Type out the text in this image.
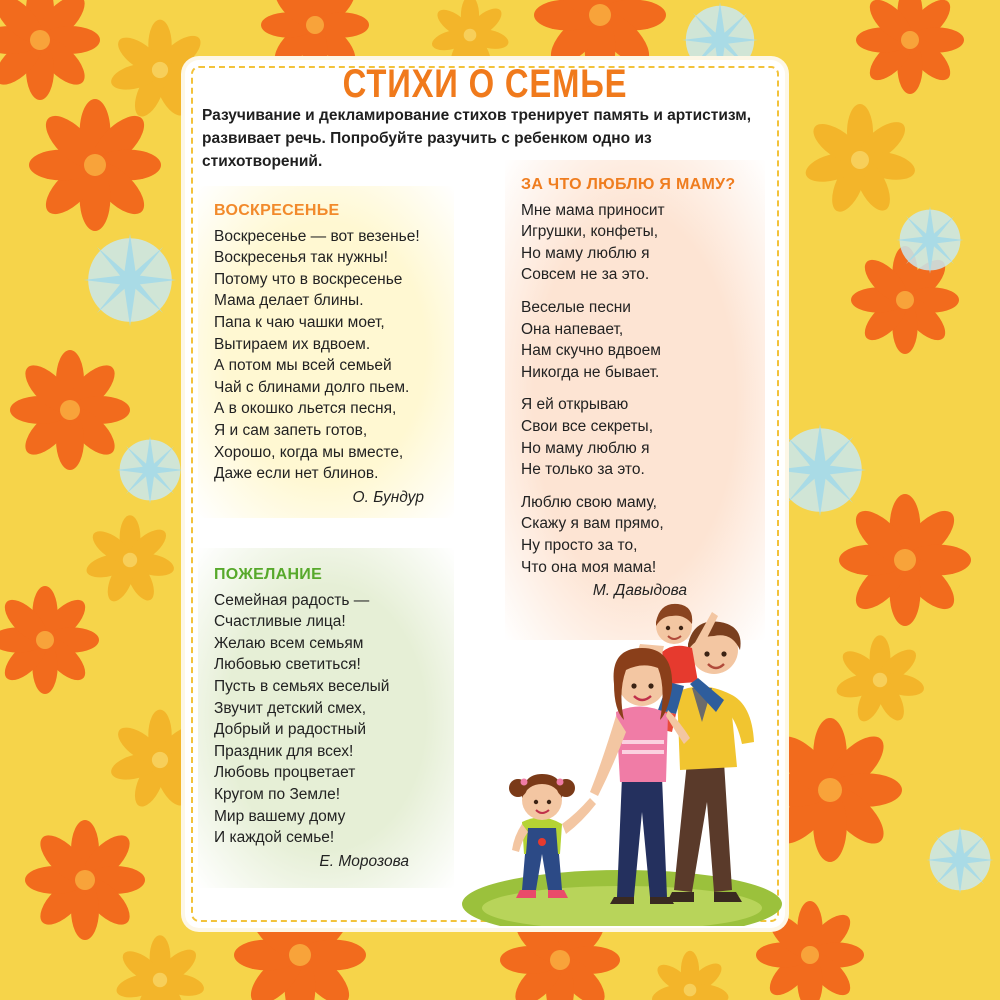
СТИХИ О СЕМЬЕ

Разучивание и декламирование стихов тренирует память и артистизм, развивает речь. Попробуйте разучить с ребенком одно из стихотворений.

ВОСКРЕСЕНЬЕ
Воскресенье — вот везенье!
Воскресенья так нужны!
Потому что в воскресенье
Мама делает блины.
Папа к чаю чашки моет,
Вытираем их вдвоем.
А потом мы всей семьей
Чай с блинами долго пьем.
А в окошко льется песня,
Я и сам запеть готов,
Хорошо, когда мы вместе,
Даже если нет блинов.
О. Бундур
ПОЖЕЛАНИЕ
Семейная радость —
Счастливые лица!
Желаю всем семьям
Любовью светиться!
Пусть в семьях веселый
Звучит детский смех,
Добрый и радостный
Праздник для всех!
Любовь процветает
Кругом по Земле!
Мир вашему дому
И каждой семье!
Е. Морозова
ЗА ЧТО ЛЮБЛЮ Я МАМУ?
Мне мама приносит
Игрушки, конфеты,
Но маму люблю я
Совсем не за это.
Веселые песни
Она напевает,
Нам скучно вдвоем
Никогда не бывает.
Я ей открываю
Свои все секреты,
Но маму люблю я
Не только за это.
Люблю свою маму,
Скажу я вам прямо,
Ну просто за то,
Что она моя мама!
М. Давыдова
